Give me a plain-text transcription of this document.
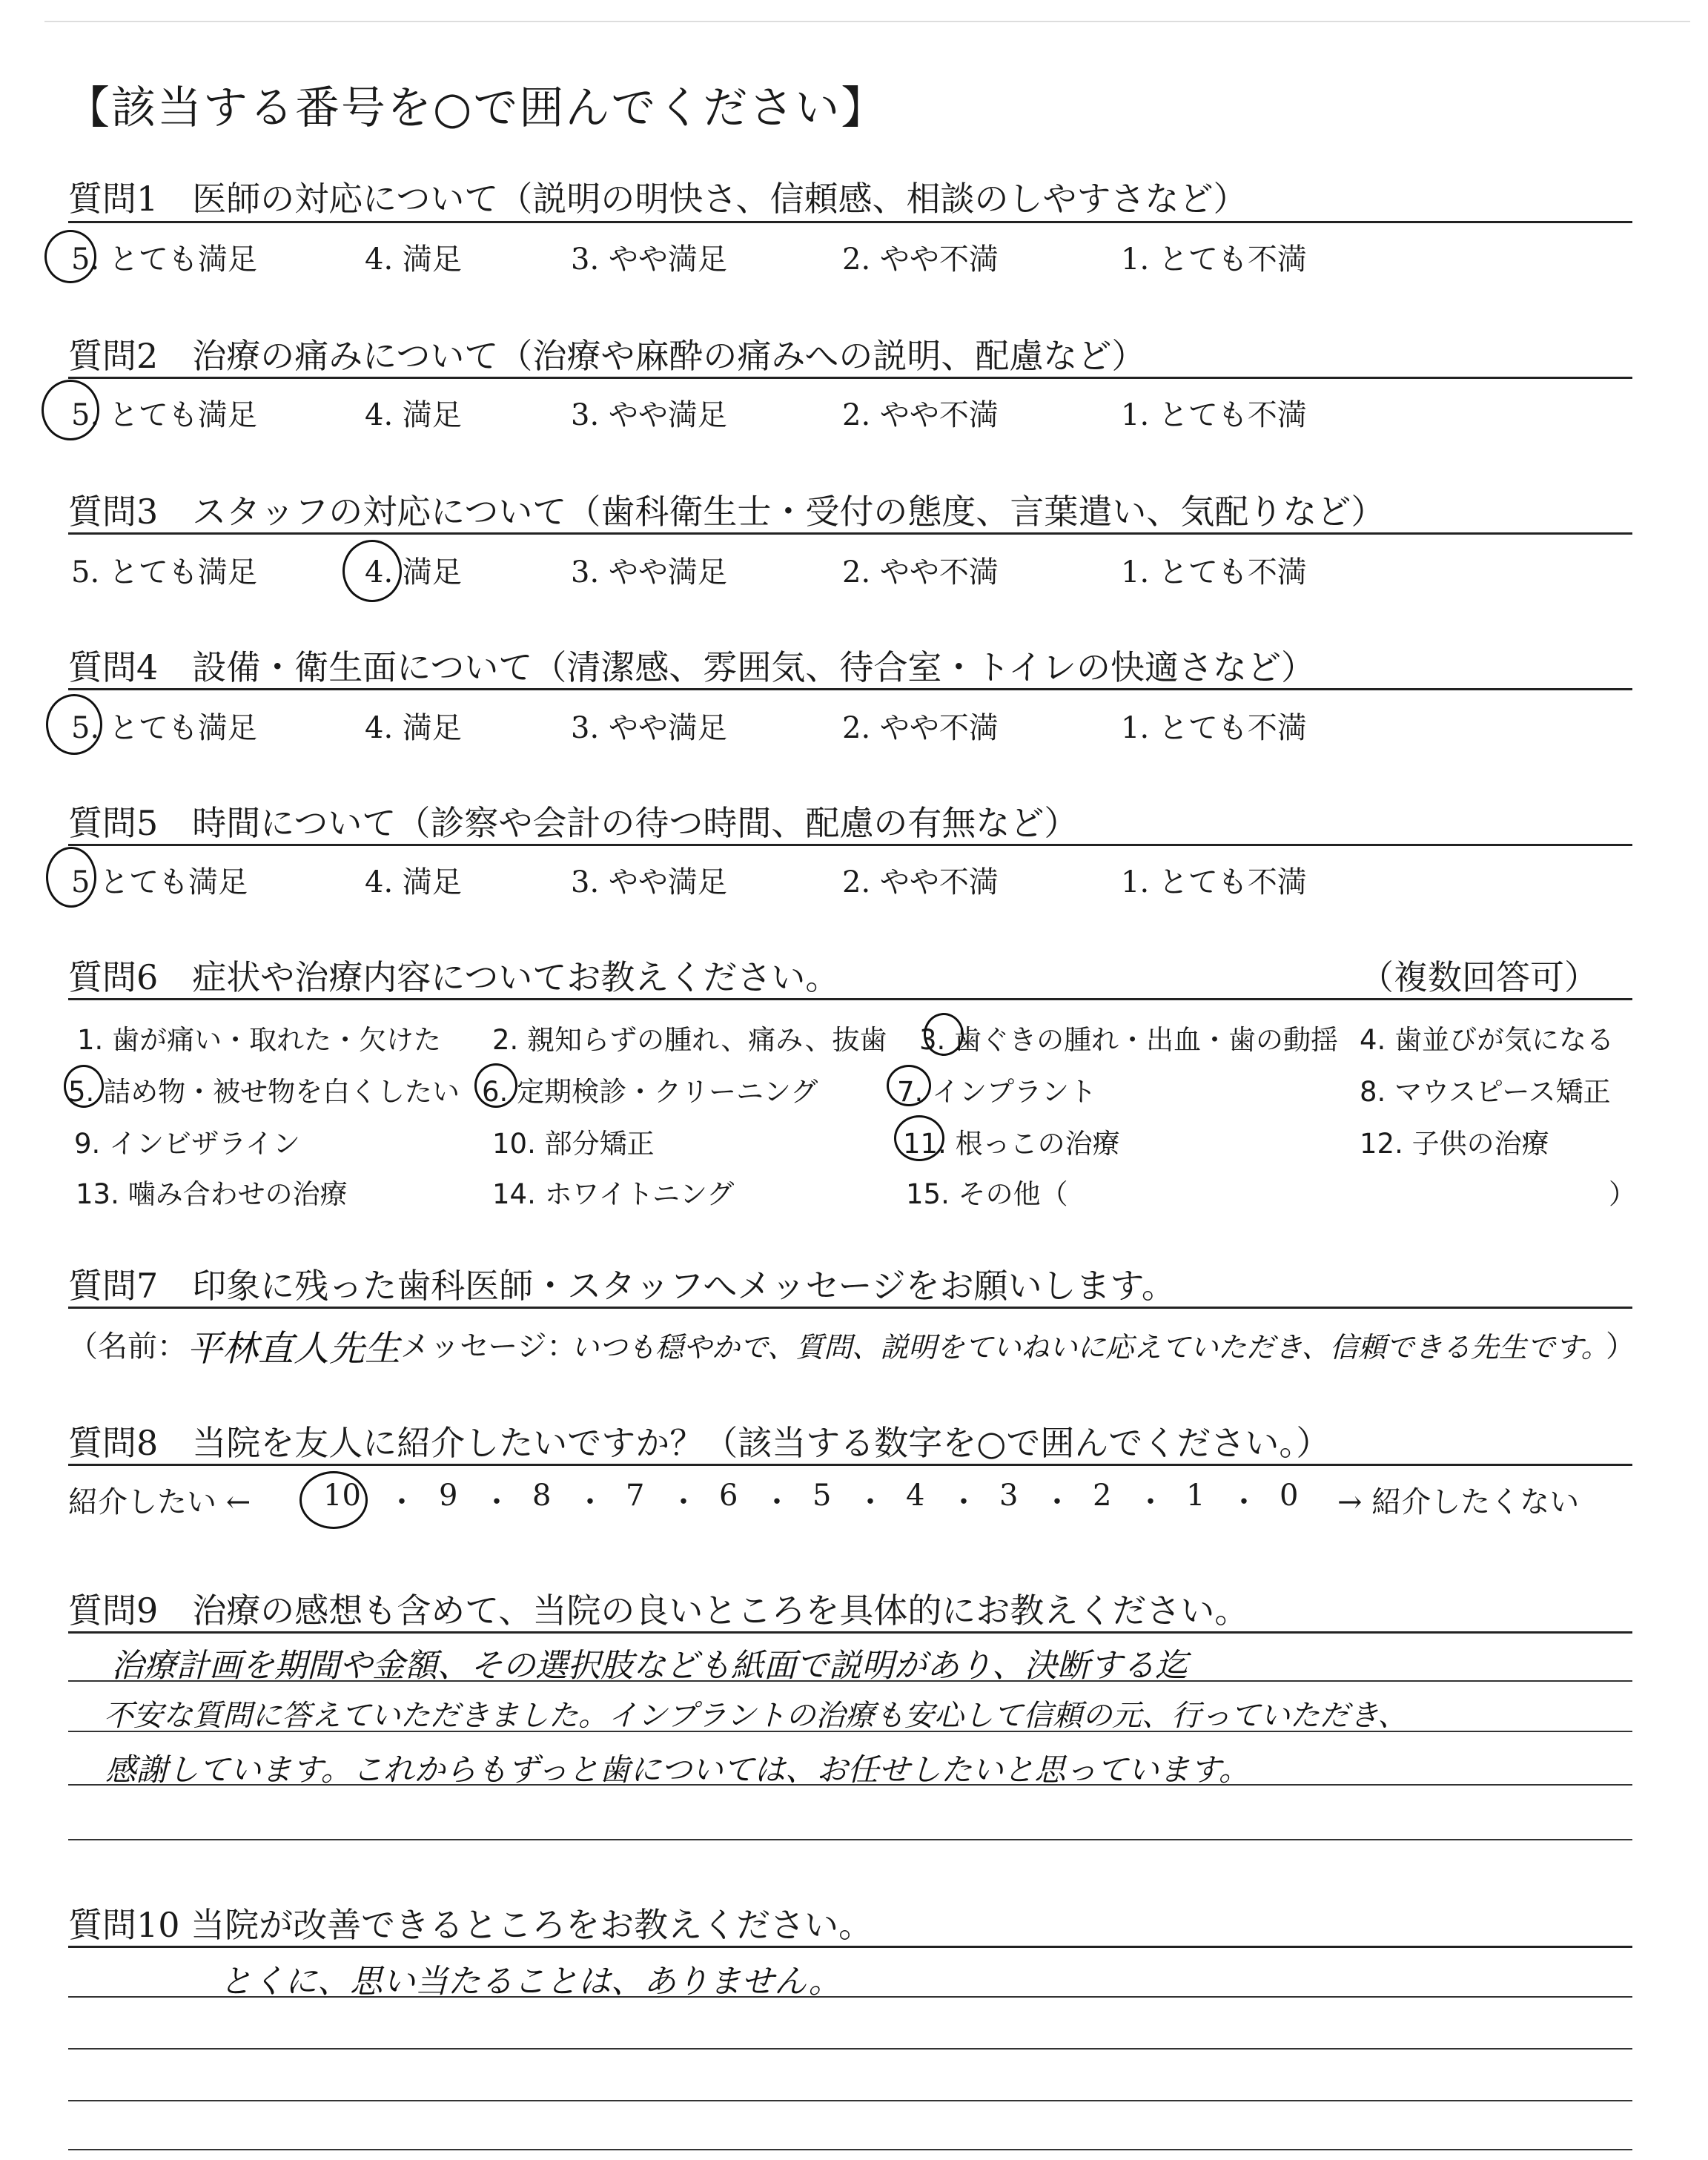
【該当する番号を○で囲んでください】
質問1　医師の対応について（説明の明快さ、信頼感、相談のしやすさなど）
5. とても満足	4. 満足	3. やや満足	2. やや不満	1. とても不満
質問2　治療の痛みについて（治療や麻酔の痛みへの説明、配慮など）
5. とても満足	4. 満足	3. やや満足	2. やや不満	1. とても不満
質問3　スタッフの対応について（歯科衛生士・受付の態度、言葉遣い、気配りなど）
5. とても満足	4. 満足	3. やや満足	2. やや不満	1. とても不満
質問4　設備・衛生面について（清潔感、雰囲気、待合室・トイレの快適さなど）
5. とても満足	4. 満足	3. やや満足	2. やや不満	1. とても不満
質問5　時間について（診察や会計の待つ時間、配慮の有無など）
5 とても満足	4. 満足	3. やや満足	2. やや不満	1. とても不満
質問6　症状や治療内容についてお教えください。	（複数回答可）
1. 歯が痛い・取れた・欠けた 2. 親知らずの腫れ、痛み、抜歯 3. 歯ぐきの腫れ・出血・歯の動揺 4. 歯並びが気になる
5. 詰め物・被せ物を白くしたい 6. 定期検診・クリーニング	7. インプラント	8. マウスピース矯正
9. インビザライン	10. 部分矯正	11. 根っこの治療	12. 子供の治療
13. 噛み合わせの治療	14. ホワイトニング	15. その他（	）
質問7　印象に残った歯科医師・スタッフへメッセージをお願いします。
（名前： 平林直人先生 メッセージ：
いつも穏やかで、質問、説明をていねいに応えていただき、信頼できる先生です。
）
質問8　当院を友人に紹介したいですか？（該当する数字を○で囲んでください。）
紹介したい ← 10 ・ 9 ・ 8 ・ 7 ・ 6 ・ 5 ・ 4 ・ 3 ・ 2 ・ 1 ・ 0 → 紹介したくない
質問9　治療の感想も含めて、当院の良いところを具体的にお教えください。
治療計画を期間や金額、その選択肢なども紙面で説明があり、決断する迄
不安な質問に答えていただきました。インプラントの治療も安心して信頼の元、行っていただき、
感謝しています。これからもずっと歯については、お任せしたいと思っています。
質問10 当院が改善できるところをお教えください。
とくに、思い当たることは、ありません。
